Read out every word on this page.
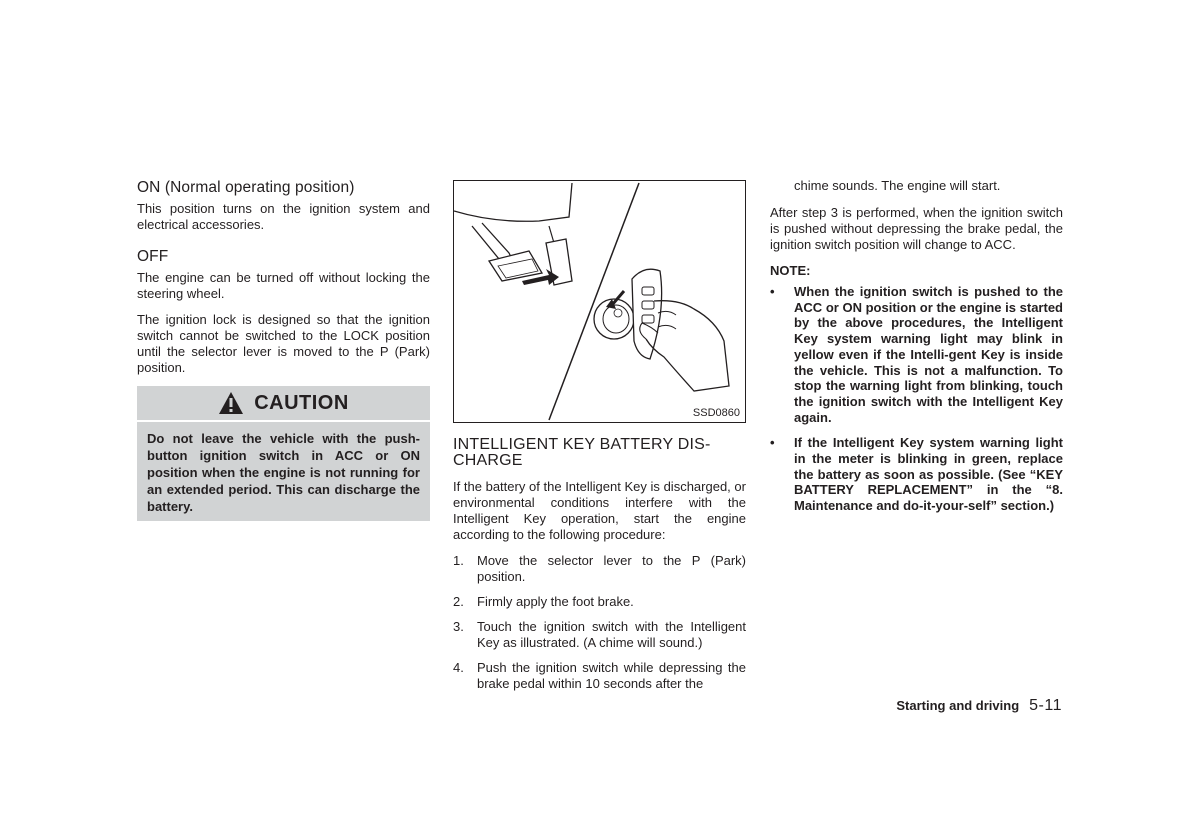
ON (Normal operating position)

This position turns on the ignition system and electrical accessories.

OFF

The engine can be turned off without locking the steering wheel.

The ignition lock is designed so that the ignition switch cannot be switched to the LOCK position until the selector lever is moved to the P (Park) position.

CAUTION
Do not leave the vehicle with the push-button ignition switch in ACC or ON position when the engine is not running for an extended period. This can discharge the battery.
SSD0860
INTELLIGENT KEY BATTERY DIS-CHARGE

If the battery of the Intelligent Key is discharged, or environmental conditions interfere with the Intelligent Key operation, start the engine according to the following procedure:

1.	Move the selector lever to the P (Park) position.
2.	Firmly apply the foot brake.
3.	Touch the ignition switch with the Intelligent Key as illustrated. (A chime will sound.)
4.	Push the ignition switch while depressing the brake pedal within 10 seconds after the

chime sounds. The engine will start.

After step 3 is performed, when the ignition switch is pushed without depressing the brake pedal, the ignition switch position will change to ACC.

NOTE:
•	When the ignition switch is pushed to the ACC or ON position or the engine is started by the above procedures, the Intelligent Key system warning light may blink in yellow even if the Intelli-gent Key is inside the vehicle. This is not a malfunction. To stop the warning light from blinking, touch the ignition switch with the Intelligent Key again.
•	If the Intelligent Key system warning light in the meter is blinking in green, replace the battery as soon as possible. (See “KEY BATTERY REPLACEMENT” in the “8. Maintenance and do-it-your-self” section.)
Starting and driving 5-11
